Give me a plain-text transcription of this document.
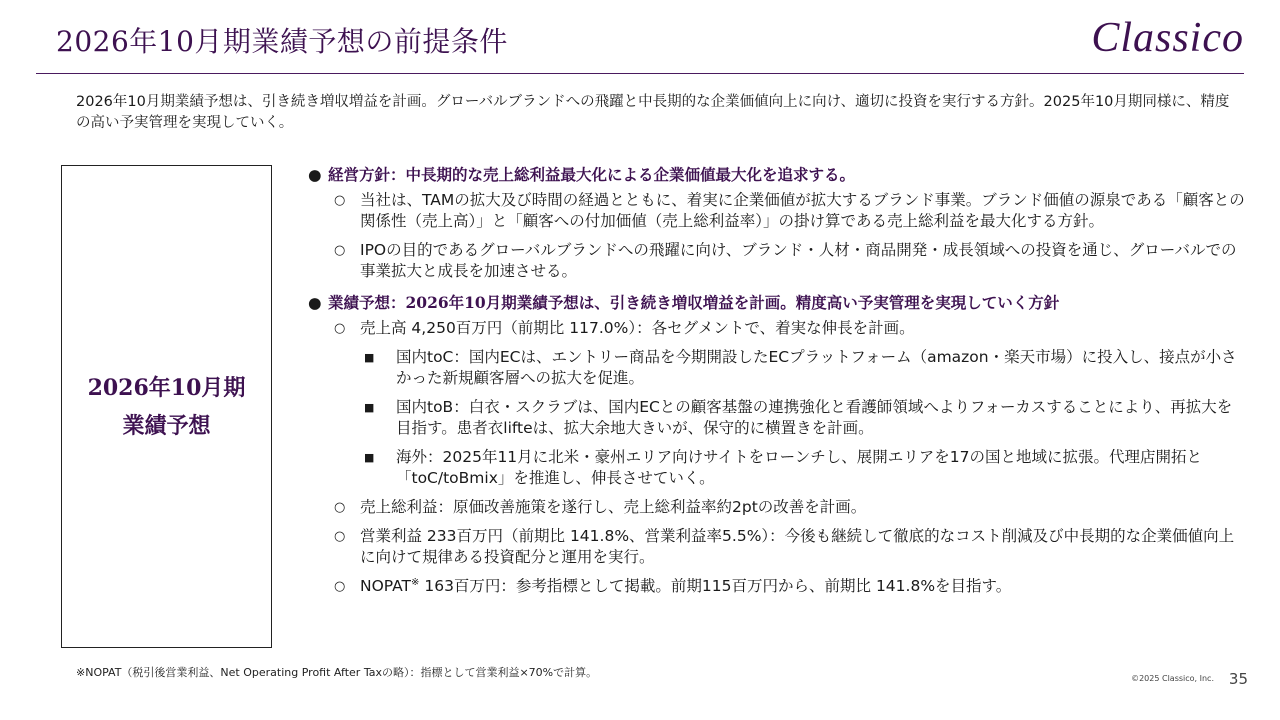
2026年10月期業績予想の前提条件	Classico

2026年10月期業績予想は、引き続き増収増益を計画。グローバルブランドへの飛躍と中長期的な企業価値向上に向け、適切に投資を実行する方針。2025年10月期同様に、精度の高い予実管理を実現していく。

2026年10月期
業績予想
● 経営方針：中長期的な売上総利益最大化による企業価値最大化を追求する。
○ 当社は、TAMの拡大及び時間の経過とともに、着実に企業価値が拡大するブランド事業。ブランド価値の源泉である「顧客との関係性（売上高）」と「顧客への付加価値（売上総利益率）」の掛け算である売上総利益を最大化する方針。
○ IPOの目的であるグローバルブランドへの飛躍に向け、ブランド・人材・商品開発・成長領域への投資を通じ、グローバルでの事業拡大と成長を加速させる。
● 業績予想：2026年10月期業績予想は、引き続き増収増益を計画。精度高い予実管理を実現していく方針
○ 売上高 4,250百万円（前期比 117.0%）：各セグメントで、着実な伸長を計画。
■ 国内toC：国内ECは、エントリー商品を今期開設したECプラットフォーム（amazon・楽天市場）に投入し、接点が小さかった新規顧客層への拡大を促進。
■ 国内toB：白衣・スクラブは、国内ECとの顧客基盤の連携強化と看護師領域へよりフォーカスすることにより、再拡大を目指す。患者衣lifteは、拡大余地大きいが、保守的に横置きを計画。
■ 海外：2025年11月に北米・豪州エリア向けサイトをローンチし、展開エリアを17の国と地域に拡張。代理店開拓と「toC/toBmix」を推進し、伸長させていく。
○ 売上総利益：原価改善施策を遂行し、売上総利益率約2ptの改善を計画。
○ 営業利益 233百万円（前期比 141.8%、営業利益率5.5%）：今後も継続して徹底的なコスト削減及び中長期的な企業価値向上に向けて規律ある投資配分と運用を実行。
○ NOPAT※ 163百万円：参考指標として掲載。前期115百万円から、前期比 141.8%を目指す。
※NOPAT（税引後営業利益、Net Operating Profit After Taxの略）：指標として営業利益×70%で計算。	©2025 Classico, Inc. 35
